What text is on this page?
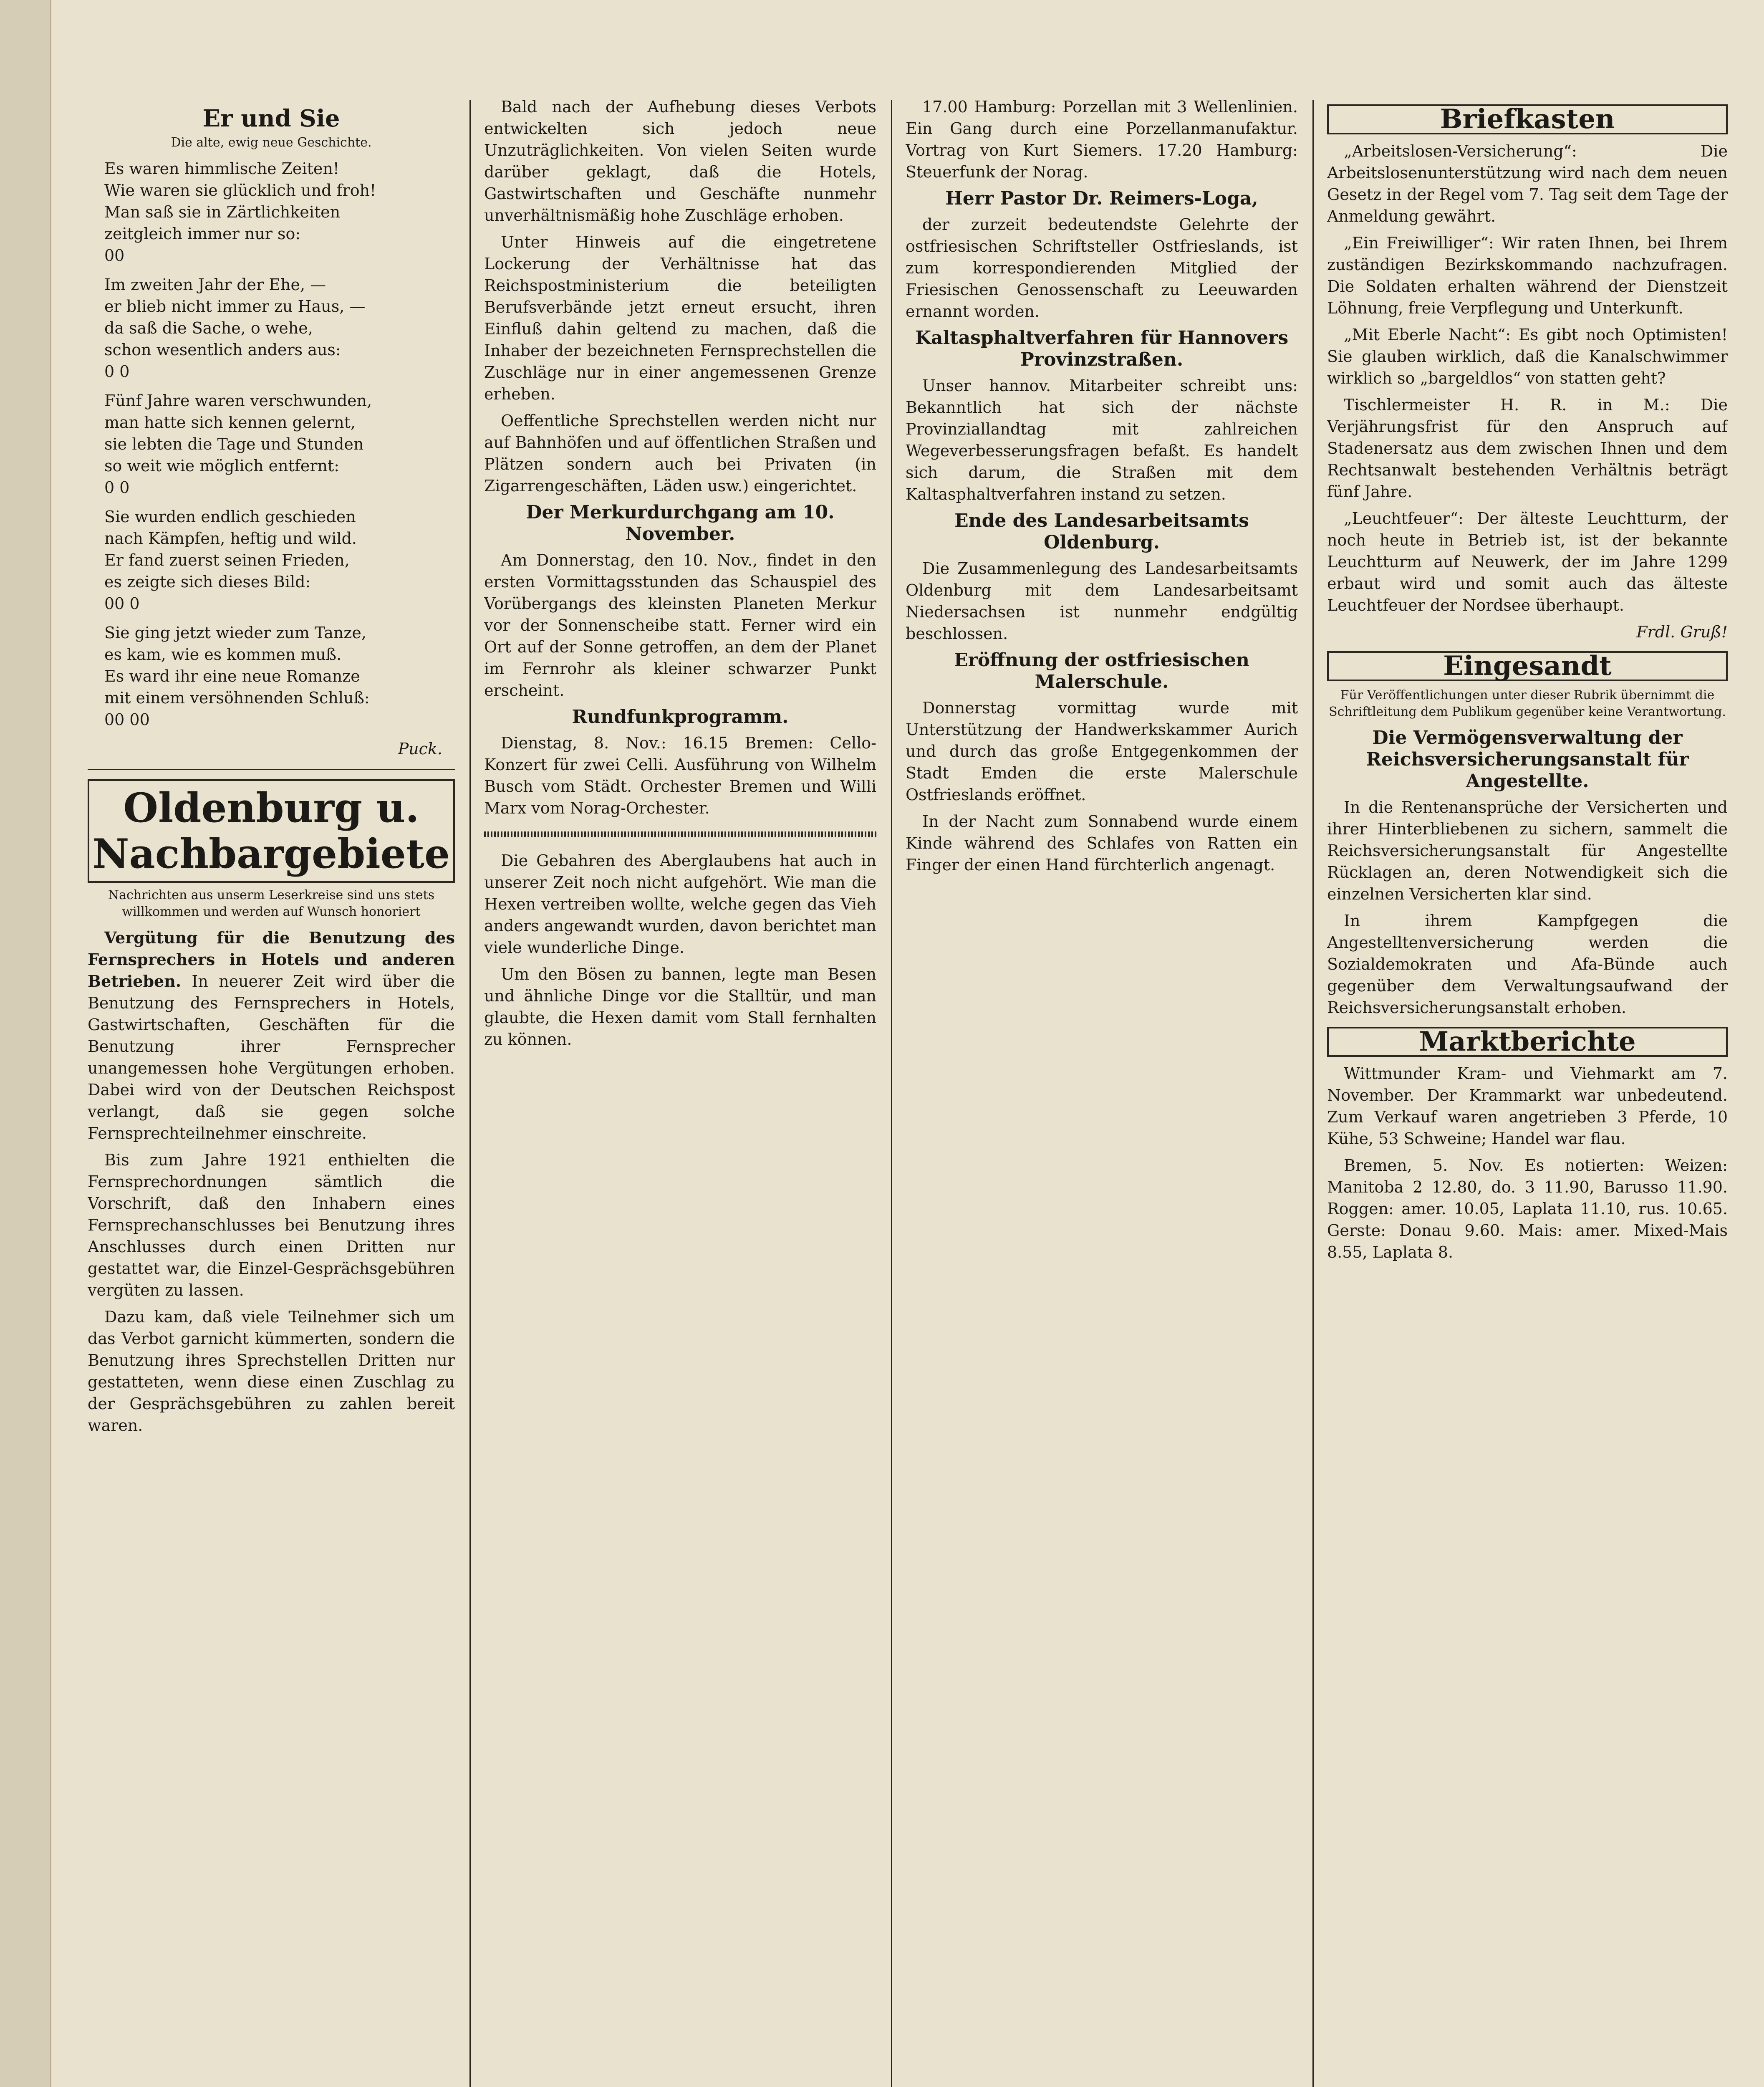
Er und Sie
Die alte, ewig neue Geschichte.

Es waren himmlische Zeiten!

Wie waren sie glücklich und froh!

Man saß sie in Zärtlichkeiten

zeitgleich immer nur so:

00

Im zweiten Jahr der Ehe, —

er blieb nicht immer zu Haus, —

da saß die Sache, o wehe,

schon wesentlich anders aus:

0 0

Fünf Jahre waren verschwunden,

man hatte sich kennen gelernt,

sie lebten die Tage und Stunden

so weit wie möglich entfernt:

0 0

Sie wurden endlich geschieden

nach Kämpfen, heftig und wild.

Er fand zuerst seinen Frieden,

es zeigte sich dieses Bild:

00 0

Sie ging jetzt wieder zum Tanze,

es kam, wie es kommen muß.

Es ward ihr eine neue Romanze

mit einem versöhnenden Schluß:

00 00

Puck.
Oldenburg u. Nachbargebiete
Nachrichten aus unserm Leserkreise sind uns stets willkommen und werden auf Wunsch honoriert

Vergütung für die Benutzung des Fernsprechers in Hotels und anderen Betrieben. In neuerer Zeit wird über die Benutzung des Fernsprechers in Hotels, Gastwirtschaften, Geschäften für die Benutzung ihrer Fernsprecher unangemessen hohe Vergütungen erhoben. Dabei wird von der Deutschen Reichspost verlangt, daß sie gegen solche Fernsprechteilnehmer einschreite.

Bis zum Jahre 1921 enthielten die Fernsprechordnungen sämtlich die Vorschrift, daß den Inhabern eines Fernsprechanschlusses bei Benutzung ihres Anschlusses durch einen Dritten nur gestattet war, die Einzel-Gesprächsgebühren vergüten zu lassen.

Dazu kam, daß viele Teilnehmer sich um das Verbot garnicht kümmerten, sondern die Benutzung ihres Sprechstellen Dritten nur gestatteten, wenn diese einen Zuschlag zu der Gesprächsgebühren zu zahlen bereit waren.

Bald nach der Aufhebung dieses Verbots entwickelten sich jedoch neue Unzuträglichkeiten. Von vielen Seiten wurde darüber geklagt, daß die Hotels, Gastwirtschaften und Geschäfte nunmehr unverhältnismäßig hohe Zuschläge erhoben.

Unter Hinweis auf die eingetretene Lockerung der Verhältnisse hat das Reichspostministerium die beteiligten Berufsverbände jetzt erneut ersucht, ihren Einfluß dahin geltend zu machen, daß die Inhaber der bezeichneten Fernsprechstellen die Zuschläge nur in einer angemessenen Grenze erheben.

Oeffentliche Sprechstellen werden nicht nur auf Bahnhöfen und auf öffentlichen Straßen und Plätzen sondern auch bei Privaten (in Zigarrengeschäften, Läden usw.) eingerichtet.

Der Merkurdurchgang am 10. November.

Am Donnerstag, den 10. Nov., findet in den ersten Vormittagsstunden das Schauspiel des Vorübergangs des kleinsten Planeten Merkur vor der Sonnenscheibe statt. Ferner wird ein Ort auf der Sonne getroffen, an dem der Planet im Fernrohr als kleiner schwarzer Punkt erscheint.

Rundfunkprogramm.

Dienstag, 8. Nov.: 16.15 Bremen: Cello-Konzert für zwei Celli. Ausführung von Wilhelm Busch vom Städt. Orchester Bremen und Willi Marx vom Norag-Orchester.

Die Gebahren des Aberglaubens hat auch in unserer Zeit noch nicht aufgehört. Wie man die Hexen vertreiben wollte, welche gegen das Vieh anders angewandt wurden, davon berichtet man viele wunderliche Dinge.

Um den Bösen zu bannen, legte man Besen und ähnliche Dinge vor die Stalltür, und man glaubte, die Hexen damit vom Stall fernhalten zu können.

17.00 Hamburg: Porzellan mit 3 Wellenlinien. Ein Gang durch eine Porzellanmanufaktur. Vortrag von Kurt Siemers. 17.20 Hamburg: Steuerfunk der Norag.

Herr Pastor Dr. Reimers-Loga,

der zurzeit bedeutendste Gelehrte der ostfriesischen Schriftsteller Ostfrieslands, ist zum korrespondierenden Mitglied der Friesischen Genossenschaft zu Leeuwarden ernannt worden.

Kaltasphaltverfahren für Hannovers Provinzstraßen.

Unser hannov. Mitarbeiter schreibt uns: Bekanntlich hat sich der nächste Provinziallandtag mit zahlreichen Wegeverbesserungsfragen befaßt. Es handelt sich darum, die Straßen mit dem Kaltasphaltverfahren instand zu setzen.

Ende des Landesarbeitsamts Oldenburg.

Die Zusammenlegung des Landesarbeitsamts Oldenburg mit dem Landesarbeitsamt Niedersachsen ist nunmehr endgültig beschlossen.

Eröffnung der ostfriesischen Malerschule.

Donnerstag vormittag wurde mit Unterstützung der Handwerkskammer Aurich und durch das große Entgegenkommen der Stadt Emden die erste Malerschule Ostfrieslands eröffnet.

In der Nacht zum Sonnabend wurde einem Kinde während des Schlafes von Ratten ein Finger der einen Hand fürchterlich angenagt.

Briefkasten

„Arbeitslosen-Versicherung“: Die Arbeitslosenunterstützung wird nach dem neuen Gesetz in der Regel vom 7. Tag seit dem Tage der Anmeldung gewährt.

„Ein Freiwilliger“: Wir raten Ihnen, bei Ihrem zuständigen Bezirkskommando nachzufragen. Die Soldaten erhalten während der Dienstzeit Löhnung, freie Verpflegung und Unterkunft.

„Mit Eberle Nacht“: Es gibt noch Optimisten! Sie glauben wirklich, daß die Kanalschwimmer wirklich so „bargeldlos“ von statten geht?

Tischlermeister H. R. in M.: Die Verjährungsfrist für den Anspruch auf Stadenersatz aus dem zwischen Ihnen und dem Rechtsanwalt bestehenden Verhältnis beträgt fünf Jahre.

„Leuchtfeuer“: Der älteste Leuchtturm, der noch heute in Betrieb ist, ist der bekannte Leuchtturm auf Neuwerk, der im Jahre 1299 erbaut wird und somit auch das älteste Leuchtfeuer der Nordsee überhaupt.

Frdl. Gruß!
Eingesandt
Für Veröffentlichungen unter dieser Rubrik übernimmt die Schriftleitung dem Publikum gegenüber keine Verantwortung.
Die Vermögensverwaltung der Reichsversicherungsanstalt für Angestellte.

In die Rentenansprüche der Versicherten und ihrer Hinterbliebenen zu sichern, sammelt die Reichsversicherungsanstalt für Angestellte Rücklagen an, deren Notwendigkeit sich die einzelnen Versicherten klar sind.

In ihrem Kampfgegen die Angestelltenversicherung werden die Sozialdemokraten und Afa-Bünde auch gegenüber dem Verwaltungsaufwand der Reichsversicherungsanstalt erhoben.

Marktberichte

Wittmunder Kram- und Viehmarkt am 7. November. Der Krammarkt war unbedeutend. Zum Verkauf waren angetrieben 3 Pferde, 10 Kühe, 53 Schweine; Handel war flau.

Bremen, 5. Nov. Es notierten: Weizen: Manitoba 2 12.80, do. 3 11.90, Barusso 11.90. Roggen: amer. 10.05, Laplata 11.10, rus. 10.65. Gerste: Donau 9.60. Mais: amer. Mixed-Mais 8.55, Laplata 8.
